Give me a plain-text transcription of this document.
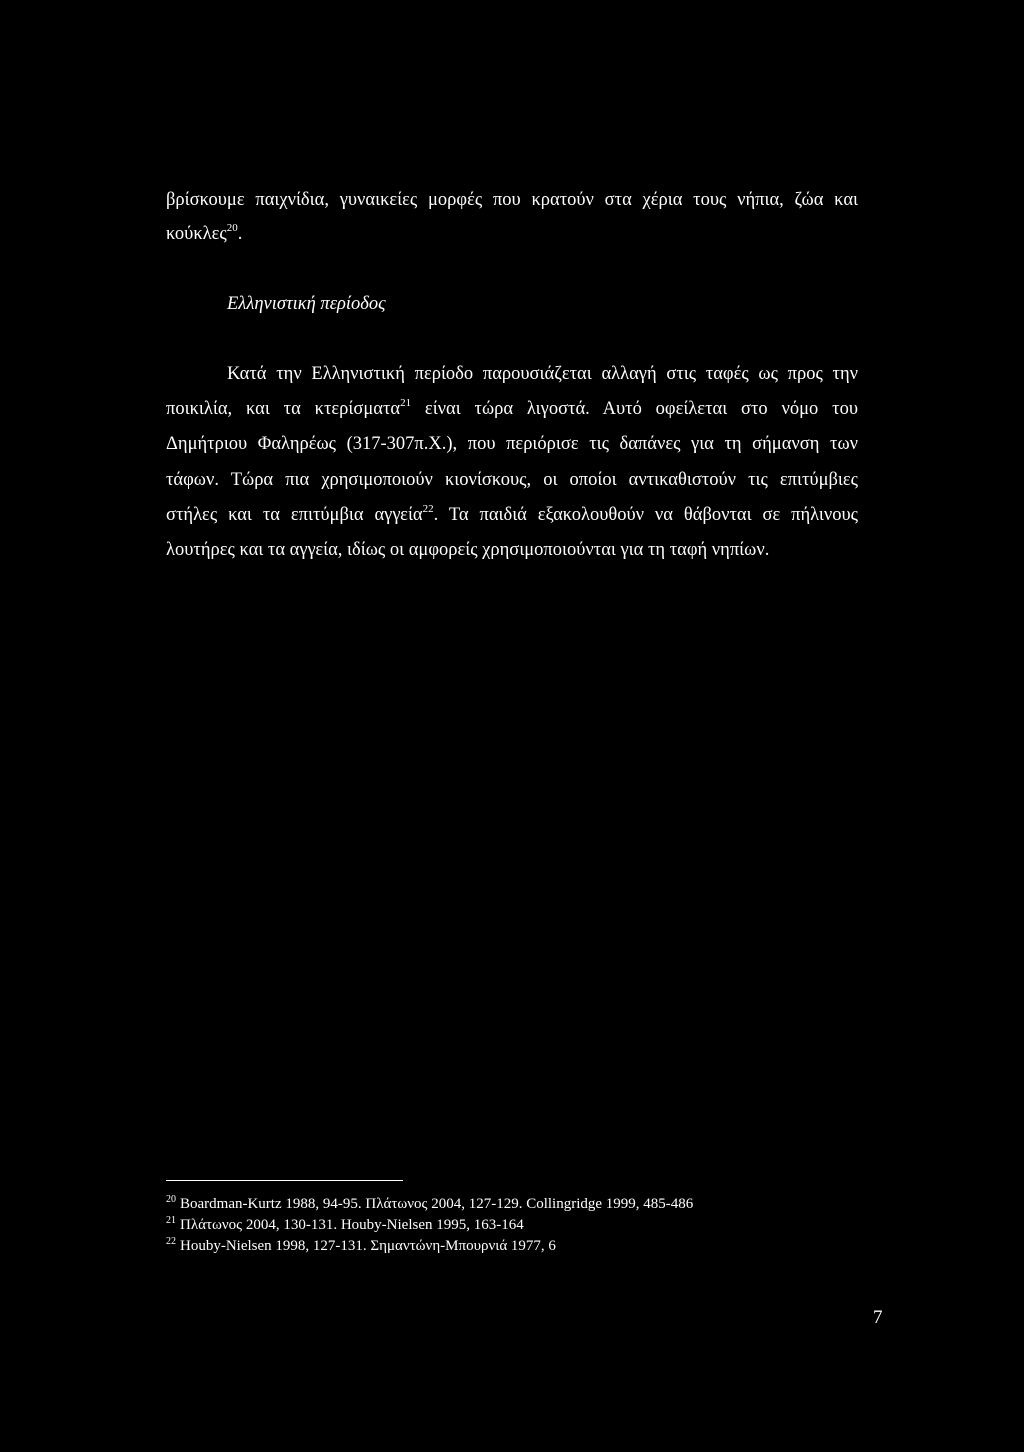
βρίσκουμε παιχνίδια, γυναικείες μορφές που κρατούν στα χέρια τους νήπια, ζώα και
κούκλες$^{20}$.
Ελληνιστική περίοδος
Κατά την Ελληνιστική περίοδο παρουσιάζεται αλλαγή στις ταφές ως προς την
ποικιλία, και τα κτερίσματα$^{21}$ είναι τώρα λιγοστά. Αυτό οφείλεται στο νόμο του
Δημήτριου Φαληρέως (317-307π.Χ.), που περιόρισε τις δαπάνες για τη σήμανση των
τάφων. Τώρα πια χρησιμοποιούν κιονίσκους, οι οποίοι αντικαθιστούν τις επιτύμβιες
στήλες και τα επιτύμβια αγγεία$^{22}$. Τα παιδιά εξακολουθούν να θάβονται σε πήλινους
λουτήρες και τα αγγεία, ιδίως οι αμφορείς χρησιμοποιούνται για τη ταφή νηπίων.
$^{20}$ Boardman-Kurtz 1988, 94-95. Πλάτωνος 2004, 127-129. Collingridge 1999, 485-486
$^{21}$ Πλάτωνος 2004, 130-131. Houby-Nielsen 1995, 163-164
$^{22}$ Houby-Nielsen 1998, 127-131. Σημαντώνη-Μπουρνιά 1977, 6
7
